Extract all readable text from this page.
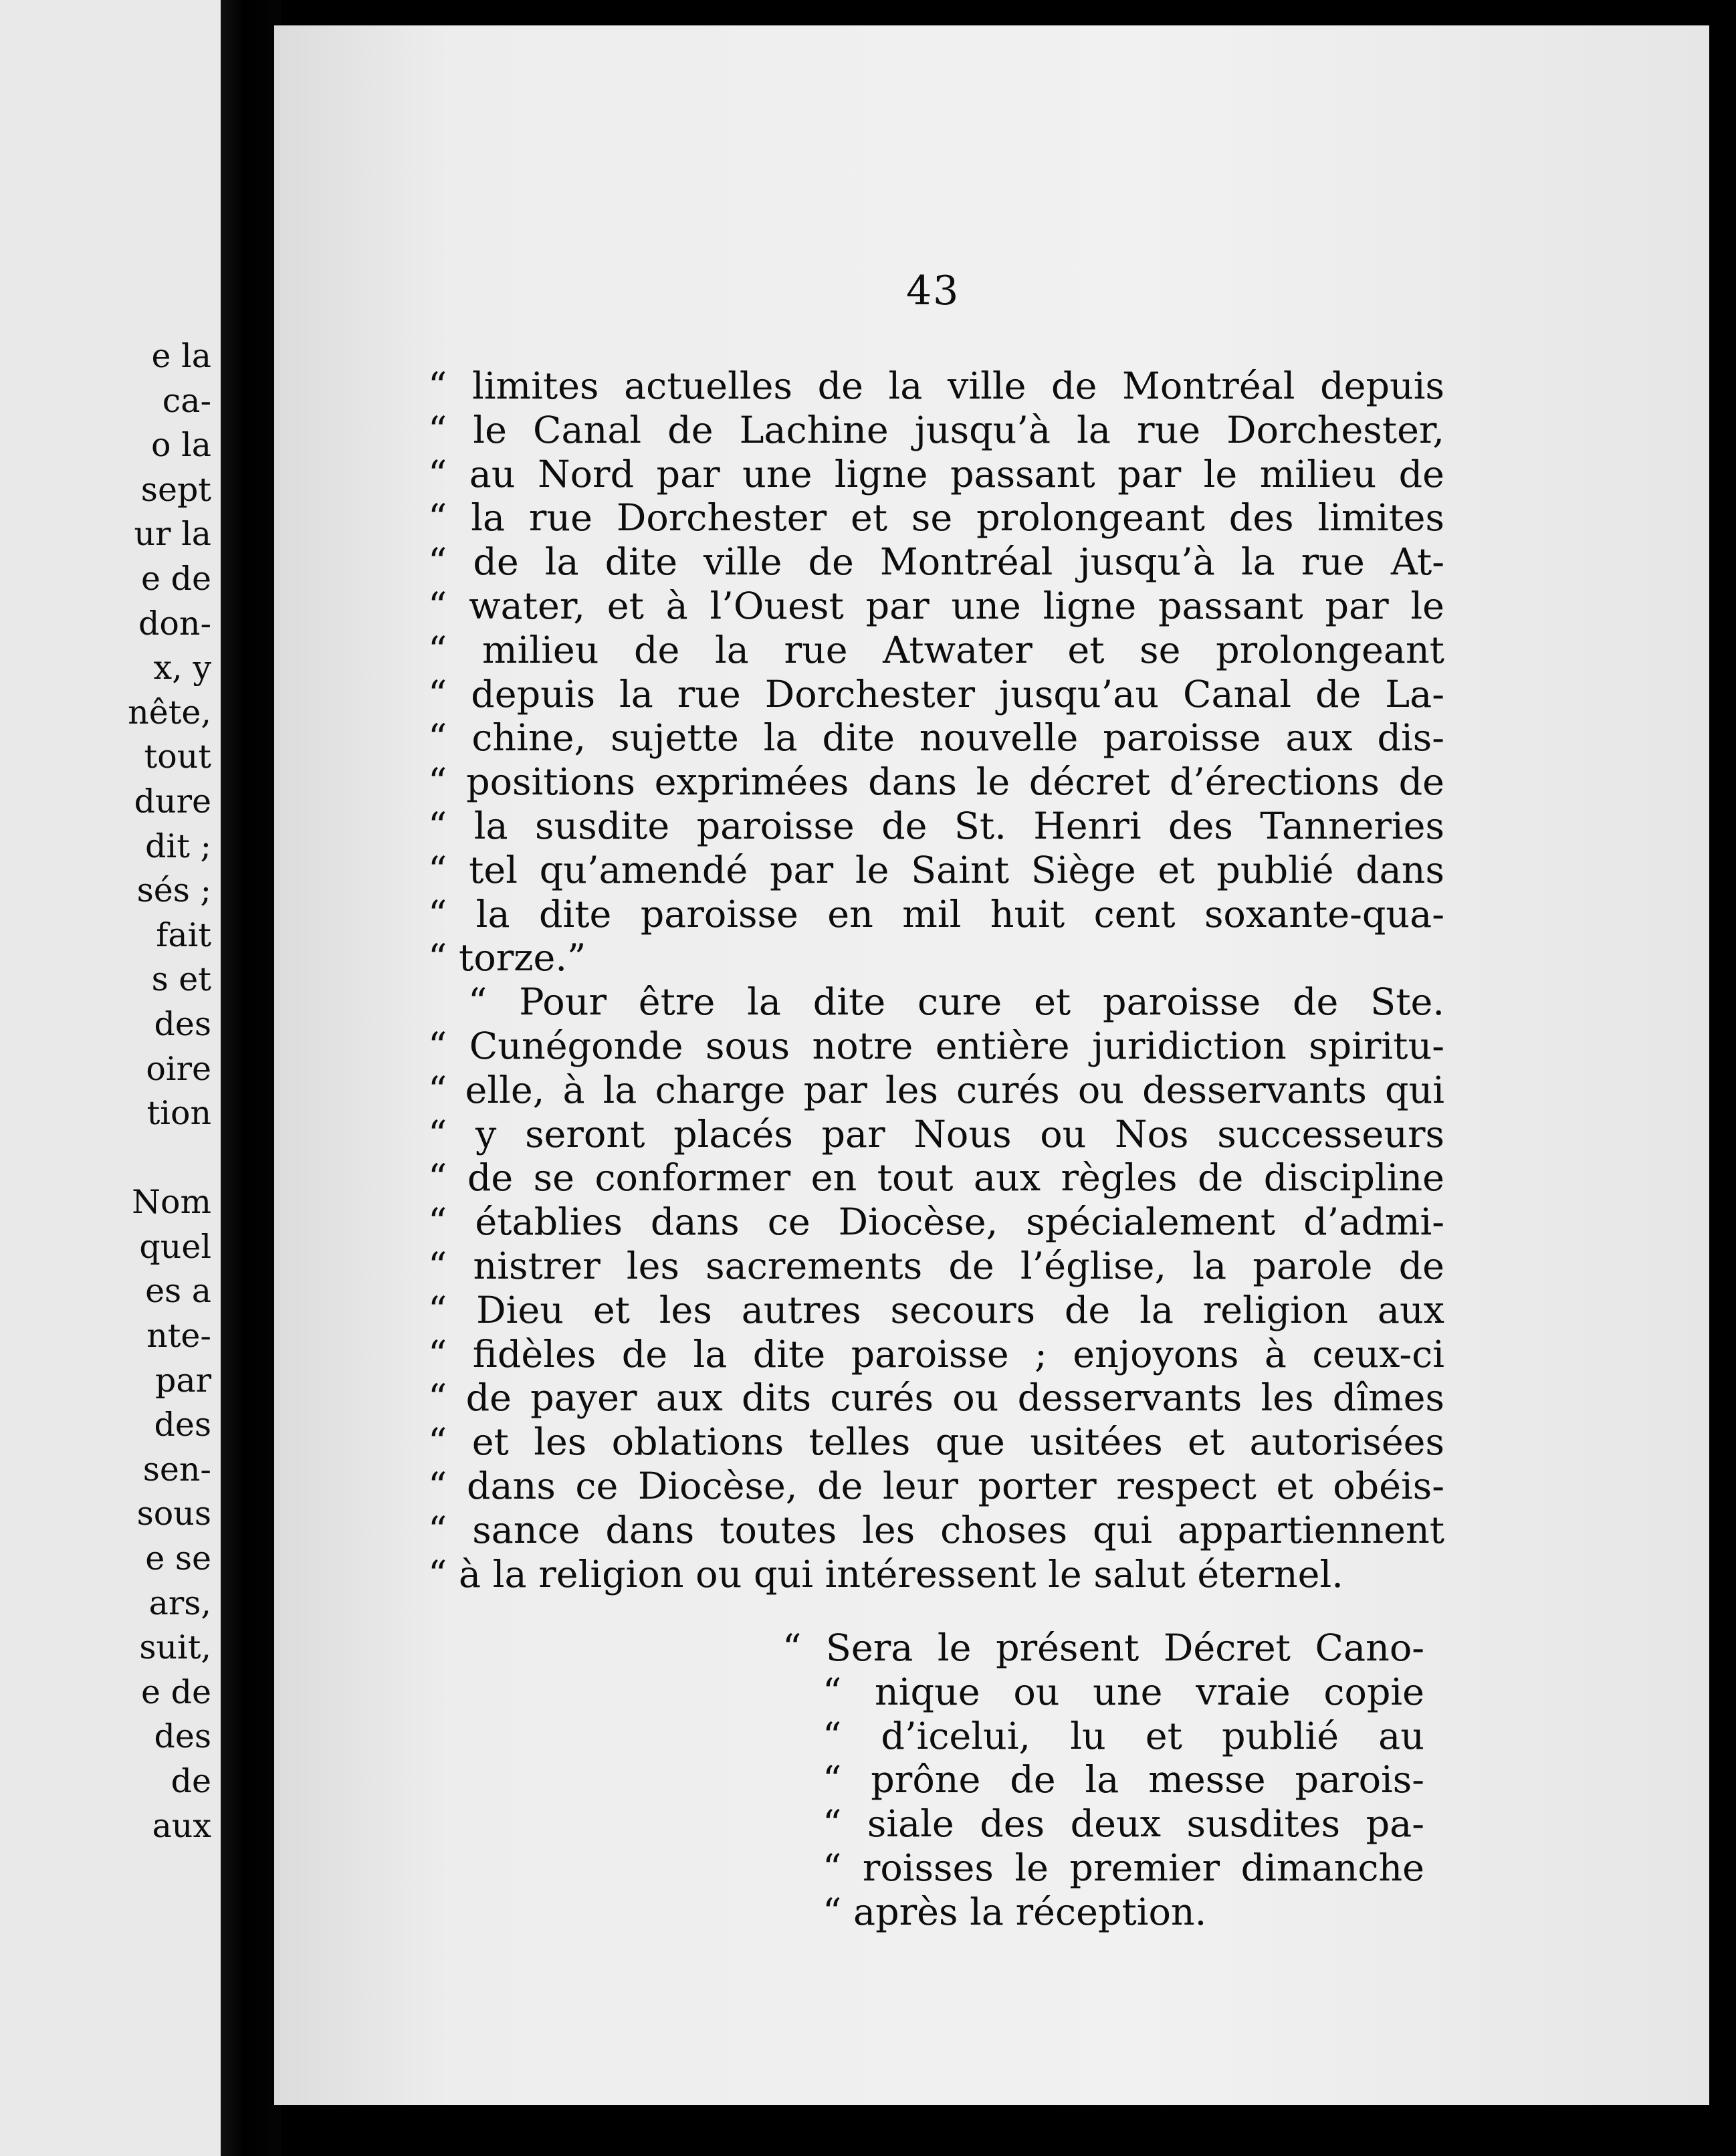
e la
ca-
o la
sept
ur la
e de
don-
x, y
nête,
tout
dure
dit ;
sés ;
fait
s et
des
oire
tion

Nom
quel
es a
nte-
par
des
sen-
sous
e se
ars,
suit,
e de
des
de
aux
43
“ limites actuelles de la ville de Montréal depuis
“ le Canal de Lachine jusqu’à la rue Dorchester,
“ au Nord par une ligne passant par le milieu de
“ la rue Dorchester et se prolongeant des limites
“ de la dite ville de Montréal jusqu’à la rue At-
“ water, et à l’Ouest par une ligne passant par le
“ milieu de la rue Atwater et se prolongeant
“ depuis la rue Dorchester jusqu’au Canal de La-
“ chine, sujette la dite nouvelle paroisse aux dis-
“ positions exprimées dans le décret d’érections de
“ la susdite paroisse de St. Henri des Tanneries
“ tel qu’amendé par le Saint Siège et publié dans
“ la dite paroisse en mil huit cent soxante-qua-
“ torze.”
“ Pour être la dite cure et paroisse de Ste.
“ Cunégonde sous notre entière juridiction spiritu-
“ elle, à la charge par les curés ou desservants qui
“ y seront placés par Nous ou Nos successeurs
“ de se conformer en tout aux règles de discipline
“ établies dans ce Diocèse, spécialement d’admi-
“ nistrer les sacrements de l’église, la parole de
“ Dieu et les autres secours de la religion aux
“ fidèles de la dite paroisse ; enjoyons à ceux-ci
“ de payer aux dits curés ou desservants les dîmes
“ et les oblations telles que usitées et autorisées
“ dans ce Diocèse, de leur porter respect et obéis-
“ sance dans toutes les choses qui appartiennent
“ à la religion ou qui intéressent le salut éternel.
“ Sera le présent Décret Cano-
“ nique ou une vraie copie
“ d’icelui, lu et publié au
“ prône de la messe parois-
“ siale des deux susdites pa-
“ roisses le premier dimanche
“ après la réception.
